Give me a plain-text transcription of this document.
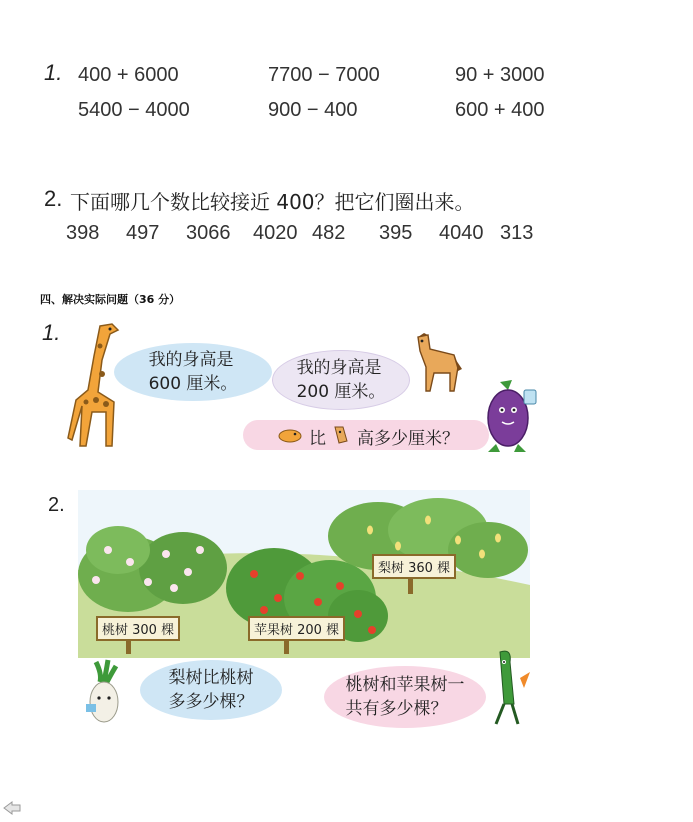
1. 400 + 6000	7700 − 7000	90 + 3000
5400 − 4000	900 − 400	600 + 400
2. 下面哪几个数比较接近 400？把它们圈出来。
398 497 3066 4020 482 395 4040 313
四、解决实际问题（36 分）
1.
我的身高是
600 厘米。
我的身高是
200 厘米。
比 高多少厘米？
2.
桃树 300 棵	苹果树 200 棵
梨树 360 棵
梨树比桃树
多多少棵？
桃树和苹果树一
共有多少棵？
